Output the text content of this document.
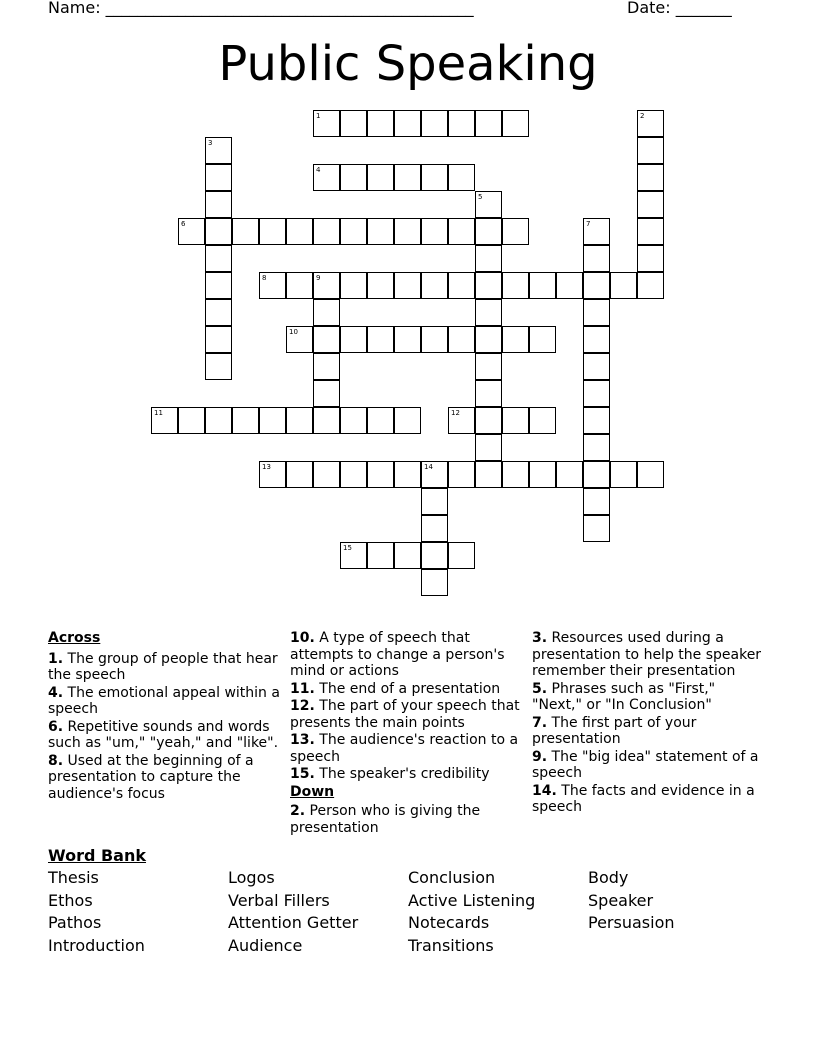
Name: ______________________________________________	Date: _______
Public Speaking
1	2
3
4
5
6	7
8	9
10
11	12
13	14
15
Across
1. The group of people that hear the speech
4. The emotional appeal within a speech
6. Repetitive sounds and words such as "um," "yeah," and "like".
8. Used at the beginning of a presentation to capture the audience's focus
10. A type of speech that attempts to change a person's mind or actions
11. The end of a presentation
12. The part of your speech that presents the main points
13. The audience's reaction to a speech
15. The speaker's credibility
Down
2. Person who is giving the presentation
3. Resources used during a presentation to help the speaker remember their presentation
5. Phrases such as "First," "Next," or "In Conclusion"
7. The first part of your presentation
9. The "big idea" statement of a speech
14. The facts and evidence in a speech
Word Bank
Thesis
Ethos
Pathos
Introduction
Logos
Verbal Fillers
Attention Getter
Audience
Conclusion
Active Listening
Notecards
Transitions
Body
Speaker
Persuasion
